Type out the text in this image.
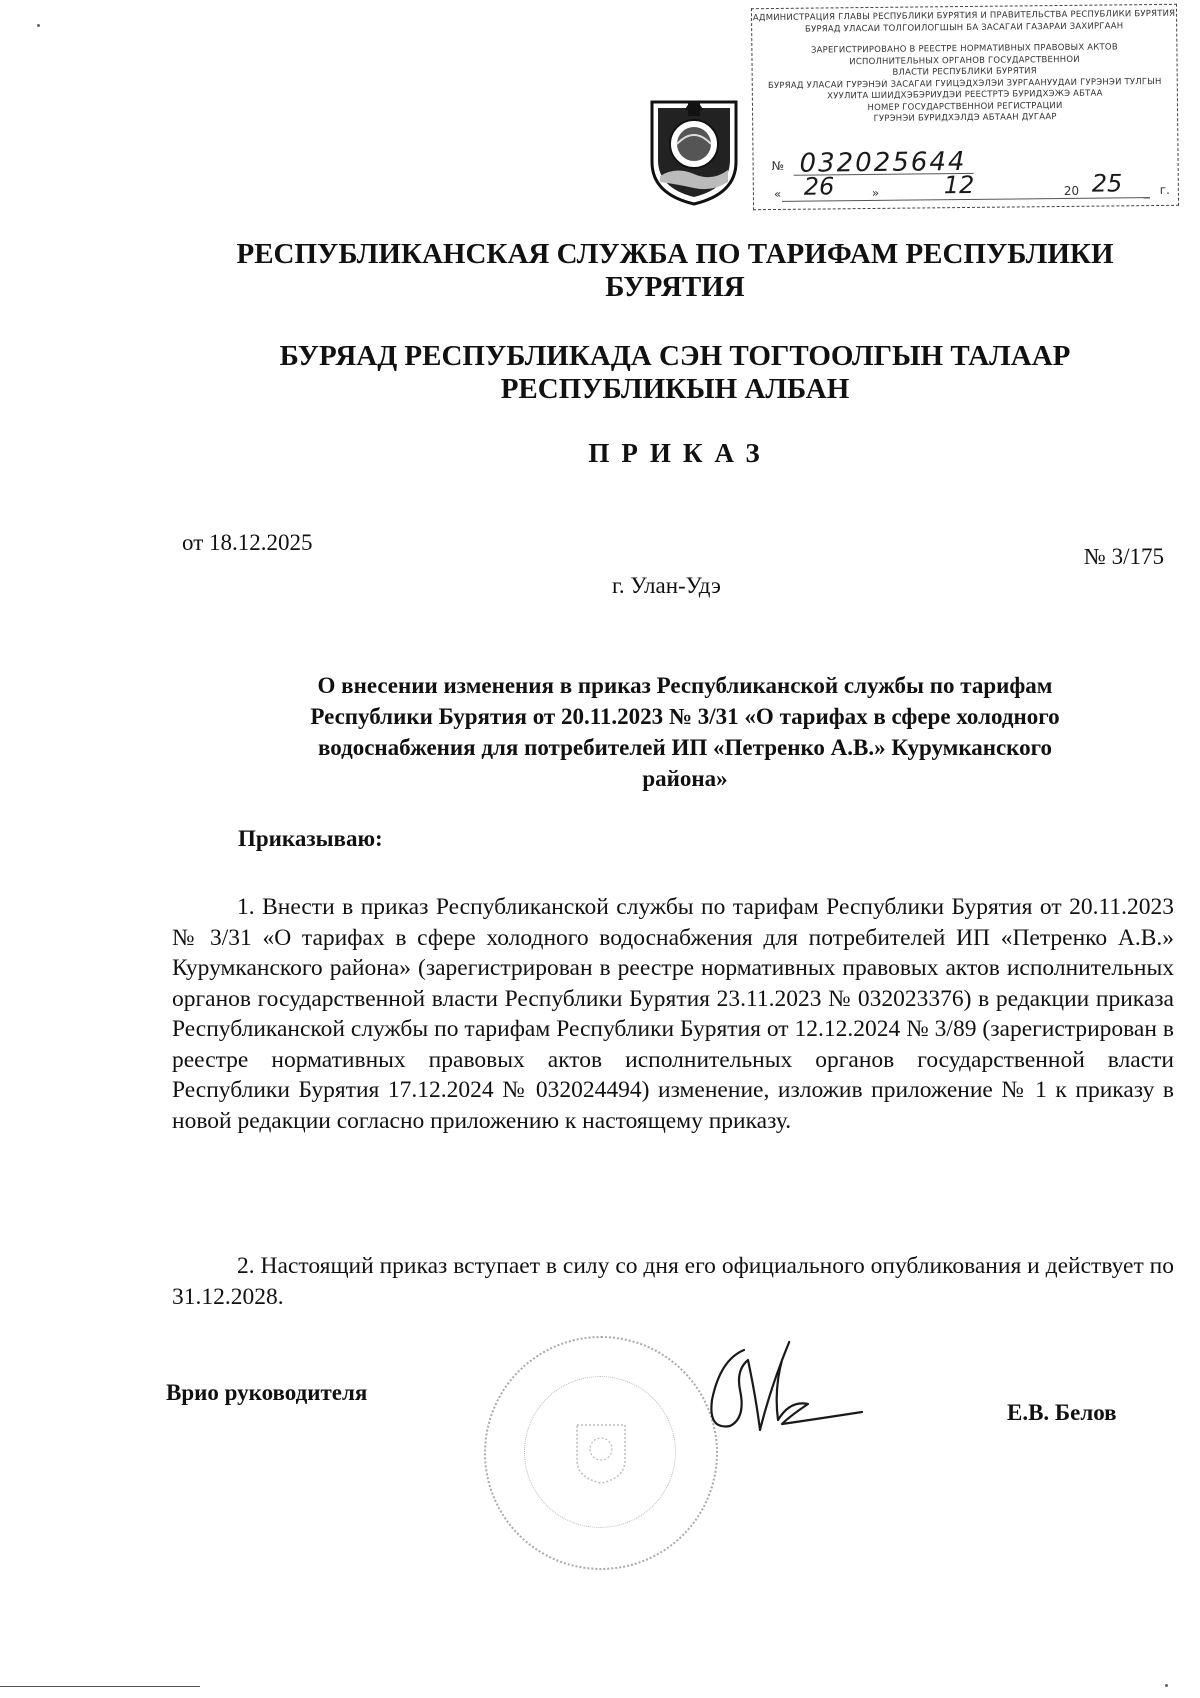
АДМИНИСТРАЦИЯ ГЛАВЫ РЕСПУБЛИКИ БУРЯТИЯ И ПРАВИТЕЛЬСТВА РЕСПУБЛИКИ БУРЯТИЯ
БУРЯАД УЛАСАЙ ТОЛГОЙЛОГШЫН БА ЗАСАГАЙ ГАЗАРАЙ ЗАХИРГААН
ЗАРЕГИСТРИРОВАНО В РЕЕСТРЕ НОРМАТИВНЫХ ПРАВОВЫХ АКТОВ
ИСПОЛНИТЕЛЬНЫХ ОРГАНОВ ГОСУДАРСТВЕННОЙ
ВЛАСТИ РЕСПУБЛИКИ БУРЯТИЯ
БУРЯАД УЛАСАЙ ГУРЭНЭЙ ЗАСАГАЙ ГУЙЦЭДХЭЛЭЙ ЗУРГААНУУДАЙ ГУРЭНЭЙ ТУЛГЫН
ХУУЛИТА ШИИДХЭБЭРИУДЭЙ РЕЕСТРТЭ БУРИДХЭЖЭ АБТАА
НОМЕР ГОСУДАРСТВЕННОЙ РЕГИСТРАЦИИ
ГУРЭНЭЙ БУРИДХЭЛДЭ АБТААН ДУГААР
№ 032025644
« 26	»	12	20 25	г.
РЕСПУБЛИКАНСКАЯ СЛУЖБА ПО ТАРИФАМ РЕСПУБЛИКИ
БУРЯТИЯ
БУРЯАД РЕСПУБЛИКАДА СЭН ТОГТООЛГЫН ТАЛААР
РЕСПУБЛИКЫН АЛБАН
ПРИКАЗ
от 18.12.2025
№ 3/175
г. Улан-Удэ
О внесении изменения в приказ Республиканской службы по тарифам
Республики Бурятия от 20.11.2023 № 3/31 «О тарифах в сфере холодного
водоснабжения для потребителей ИП «Петренко А.В.» Курумканского
района»
Приказываю:
1. Внести в приказ Республиканской службы по тарифам Республики Бурятия от 20.11.2023 № 3/31 «О тарифах в сфере холодного водоснабжения для потребителей ИП «Петренко А.В.» Курумканского района» (зарегистрирован в реестре нормативных правовых актов исполнительных органов государственной власти Республики Бурятия 23.11.2023 № 032023376) в редакции приказа Республиканской службы по тарифам Республики Бурятия от 12.12.2024 № 3/89 (зарегистрирован в реестре нормативных правовых актов исполнительных органов государственной власти Республики Бурятия 17.12.2024 № 032024494) изменение, изложив приложение № 1 к приказу в новой редакции согласно приложению к настоящему приказу.
2. Настоящий приказ вступает в силу со дня его официального опубликования и действует по 31.12.2028.
Врио руководителя
Е.В. Белов
